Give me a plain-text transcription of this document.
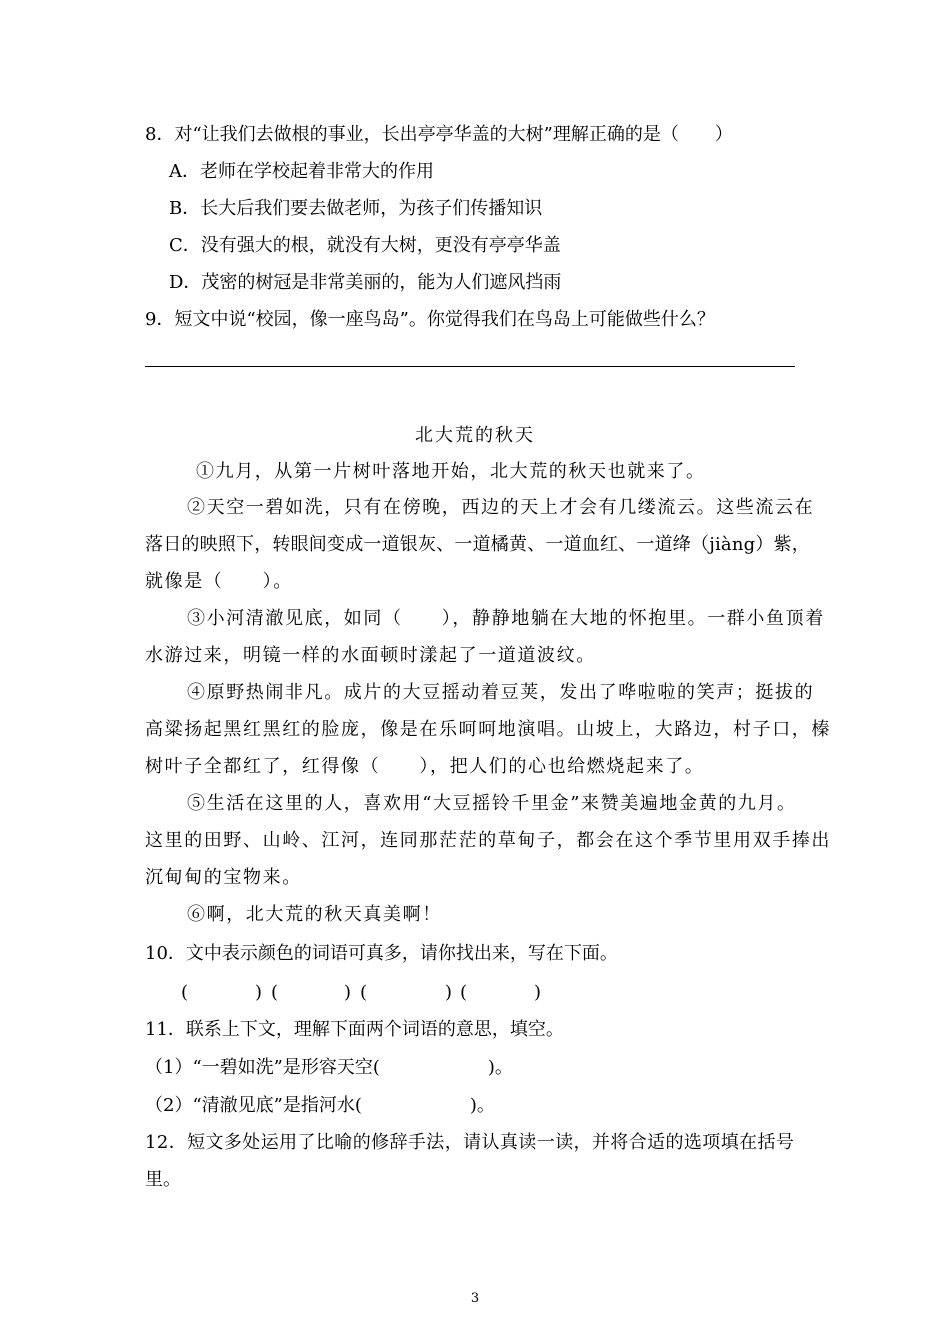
8．对“让我们去做根的事业，长出亭亭华盖的大树”理解正确的是（　　）
A．老师在学校起着非常大的作用
B．长大后我们要去做老师，为孩子们传播知识
C．没有强大的根，就没有大树，更没有亭亭华盖
D．茂密的树冠是非常美丽的，能为人们遮风挡雨
9．短文中说“校园，像一座鸟岛”。你觉得我们在鸟岛上可能做些什么？
北大荒的秋天
①九月，从第一片树叶落地开始，北大荒的秋天也就来了。
②天空一碧如洗，只有在傍晚，西边的天上才会有几缕流云。这些流云在
落日的映照下，转眼间变成一道银灰、一道橘黄、一道血红、一道绛（jiàng）紫，
就像是（　　）。
③小河清澈见底，如同（　　），静静地躺在大地的怀抱里。一群小鱼顶着
水游过来，明镜一样的水面顿时漾起了一道道波纹。
④原野热闹非凡。成片的大豆摇动着豆荚，发出了哗啦啦的笑声；挺拔的
高粱扬起黑红黑红的脸庞，像是在乐呵呵地演唱。山坡上，大路边，村子口，榛
树叶子全都红了，红得像（　　），把人们的心也给燃烧起来了。
⑤生活在这里的人，喜欢用“大豆摇铃千里金”来赞美遍地金黄的九月。
这里的田野、山岭、江河，连同那茫茫的草甸子，都会在这个季节里用双手捧出
沉甸甸的宝物来。
⑥啊，北大荒的秋天真美啊！
10．文中表示颜色的词语可真多，请你找出来，写在下面。
(	) (	) (	) (	)
11．联系上下文，理解下面两个词语的意思，填空。
（1）“一碧如洗”是形容天空(　　　　　　)。
（2）“清澈见底”是指河水(　　　　　　)。
12．短文多处运用了比喻的修辞手法，请认真读一读，并将合适的选项填在括号
里。
3
